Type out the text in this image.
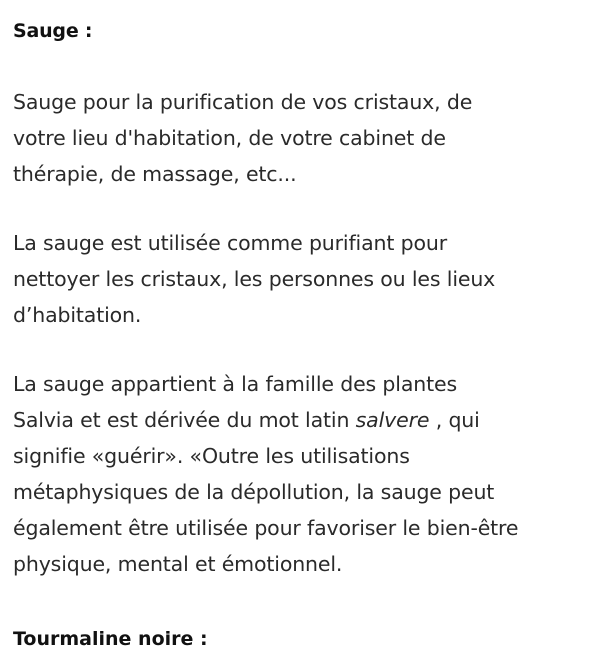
Sauge :

Sauge pour la purification de vos cristaux, de
votre lieu d'habitation, de votre cabinet de
thérapie, de massage, etc...

La sauge est utilisée comme purifiant pour
nettoyer les cristaux, les personnes ou les lieux
d’habitation.

La sauge appartient à la famille des plantes
Salvia et est dérivée du mot latin salvere , qui
signifie «guérir». «Outre les utilisations
métaphysiques de la dépollution, la sauge peut
également être utilisée pour favoriser le bien-être
physique, mental et émotionnel.

Tourmaline noire :
